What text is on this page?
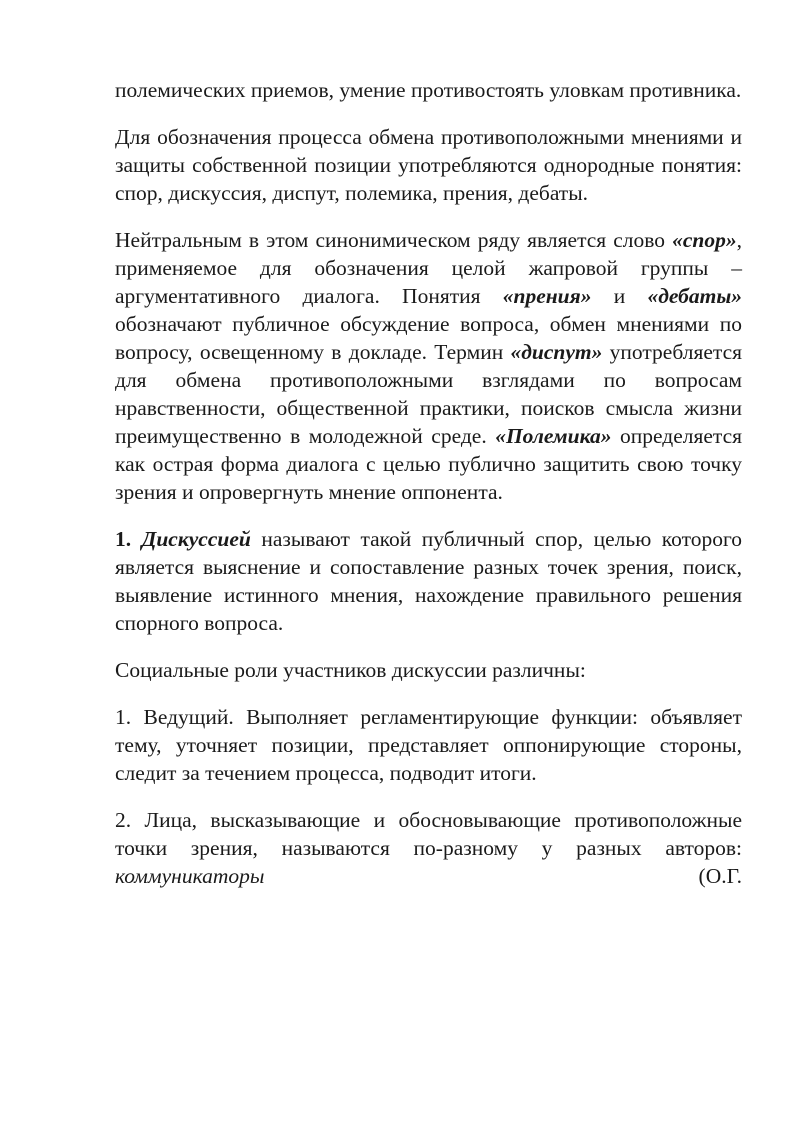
полемических приемов, умение противостоять уловкам противника.

Для обозначения процесса обмена противоположными мнениями и защиты собственной позиции употребляются однородные понятия: спор, дискуссия, диспут, полемика, прения, дебаты.

Нейтральным в этом синонимическом ряду является слово «спор», применяемое для обозначения целой жапровой группы – аргументативного диалога. Понятия «прения» и «дебаты» обозначают публичное обсуждение вопроса, обмен мнениями по вопросу, освещенному в докладе. Термин «диспут» употребляется для обмена противоположными взглядами по вопросам нравственности, общественной практики, поисков смысла жизни преимущественно в молодежной среде. «Полемика» определяется как острая форма диалога с целью публично защитить свою точку зрения и опровергнуть мнение оппонента.

1. Дискуссией называют такой публичный спор, целью которого является выяснение и сопоставление разных точек зрения, поиск, выявление истинного мнения, нахождение правильного решения спорного вопроса.

Социальные роли участников дискуссии различны:

1. Ведущий. Выполняет регламентирующие функции: объявляет тему, уточняет позиции, представляет оппонирующие стороны, следит за течением процесса, подводит итоги.

2. Лица, высказывающие и обосновывающие противоположные точки зрения, называются по-разному у разных авторов: коммуникаторы (О.Г.
